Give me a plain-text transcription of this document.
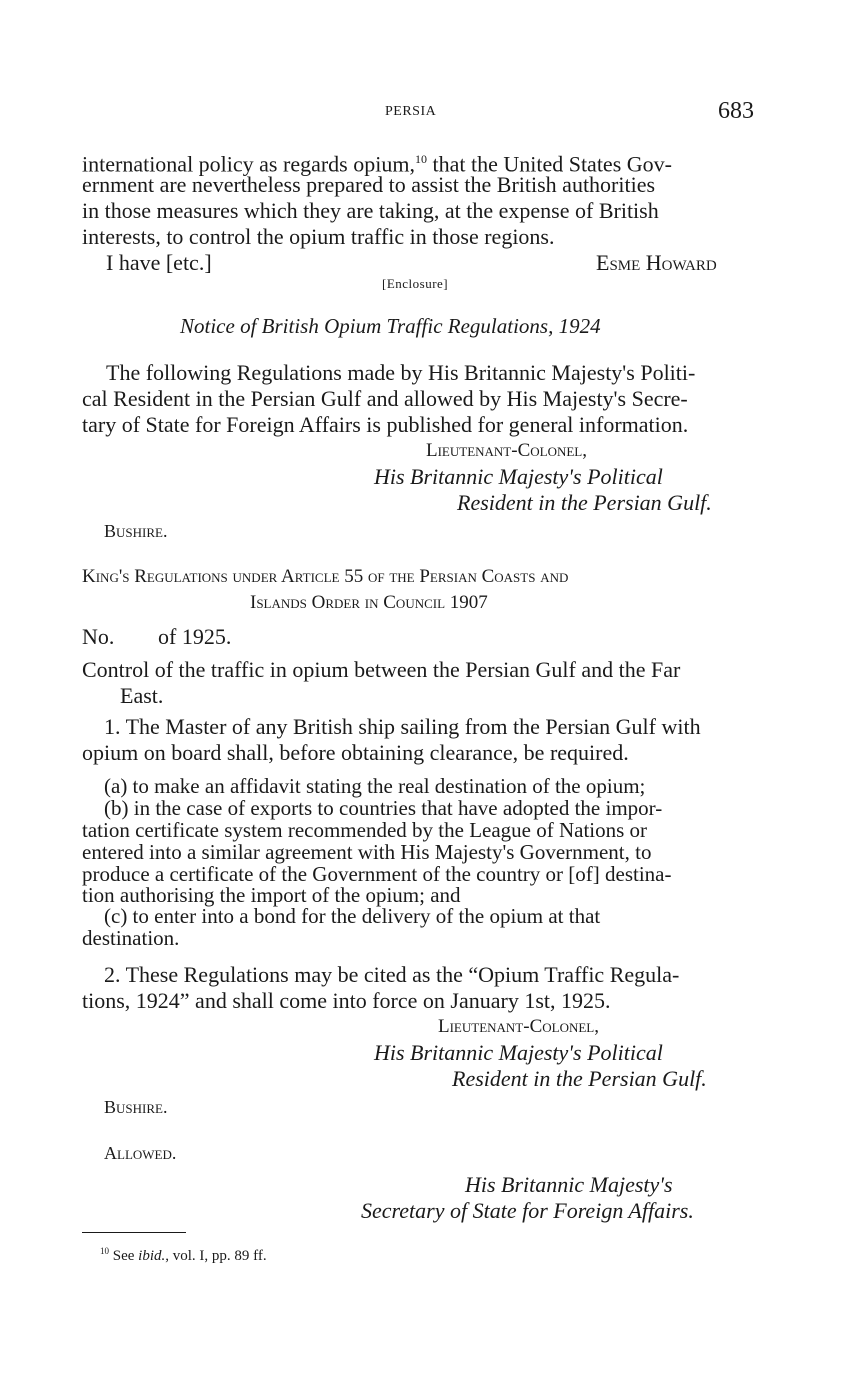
PERSIA	683
international policy as regards opium,$^{10}$ that the United States Gov-
ernment are nevertheless prepared to assist the British authorities
in those measures which they are taking, at the expense of British
interests, to control the opium traffic in those regions.
I have [etc.]	Esme Howard
[Enclosure]
Notice of British Opium Traffic Regulations, 1924
The following Regulations made by His Britannic Majesty's Politi-
cal Resident in the Persian Gulf and allowed by His Majesty's Secre-
tary of State for Foreign Affairs is published for general information.
Lieutenant-Colonel,
His Britannic Majesty's Political
Resident in the Persian Gulf.
Bushire.
King's Regulations under Article 55 of the Persian Coasts and
Islands Order in Council 1907
No. of 1925.
Control of the traffic in opium between the Persian Gulf and the Far
East.
1. The Master of any British ship sailing from the Persian Gulf with
opium on board shall, before obtaining clearance, be required.
(a) to make an affidavit stating the real destination of the opium;
(b) in the case of exports to countries that have adopted the impor-
tation certificate system recommended by the League of Nations or
entered into a similar agreement with His Majesty's Government, to
produce a certificate of the Government of the country or [of] destina-
tion authorising the import of the opium; and
(c) to enter into a bond for the delivery of the opium at that
destination.
2. These Regulations may be cited as the “Opium Traffic Regula-
tions, 1924” and shall come into force on January 1st, 1925.
Lieutenant-Colonel,
His Britannic Majesty's Political
Resident in the Persian Gulf.
Bushire.
Allowed.
His Britannic Majesty's
Secretary of State for Foreign Affairs.
$^{10}$ See ibid., vol. I, pp. 89 ff.
